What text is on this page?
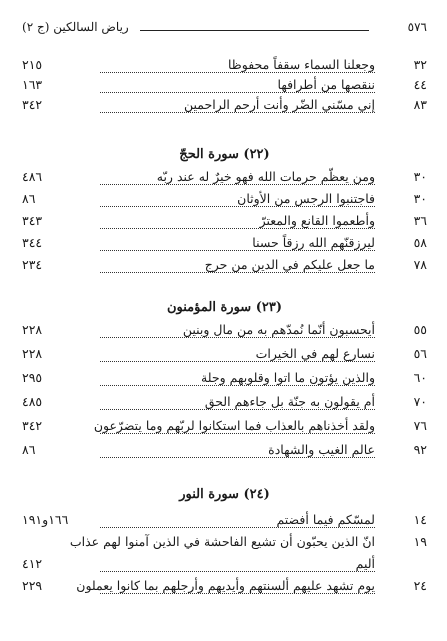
٥٧٦
رياض السالكين (ج ٢)
٣٢
وجعلنا السماء سقفاً محفوظا
٢١٥
٤٤
ننقصها من أطرافها
١٦٣
٨٣
إني مسّني الضّر وأنت أرحم الراحمين
٣٤٢
(٢٢) سورة الحجّ
٣٠
ومن يعظّم حرمات الله فهو خيرٌ له عند ربّه
٤٨٦
٣٠
فاجتنبوا الرجس من الأوثان
٨٦
٣٦
وأطعموا القانع والمعترّ
٣٤٣
٥٨
ليرزقنّهم الله رزقاً حسنا
٣٤٤
٧٨
ما جعل عليكم في الدين من حرج
٢٣٤
(٢٣) سورة المؤمنون
٥٥
أيحسبون أنّما نُمدّهم به من مال وبنين
٢٢٨
٥٦
نسارع لهم في الخيرات
٢٢٨
٦٠
والذين يؤتون ما اتوا وقلوبهم وجلة
٢٩٥
٧٠
أم يقولون به جنّة بل جاءهم الحق
٤٨٥
٧٦
ولقد أخذناهم بالعذاب فما استكانوا لربّهم وما يتضرّعون
٣٤٢
٩٢
عالم الغيب والشهادة
٨٦
(٢٤) سورة النور
١٤
لمسّكم فيما أفضتم
١٦٦و١٩١
١٩
انّ الذين يحبّون أن تشيع الفاحشة في الذين آمنوا لهم عذاب
أليم
٤١٢
٢٤
يوم تشهد عليهم ألسنتهم وأيديهم وأرجلهم بما كانوا يعملون
٢٢٩
